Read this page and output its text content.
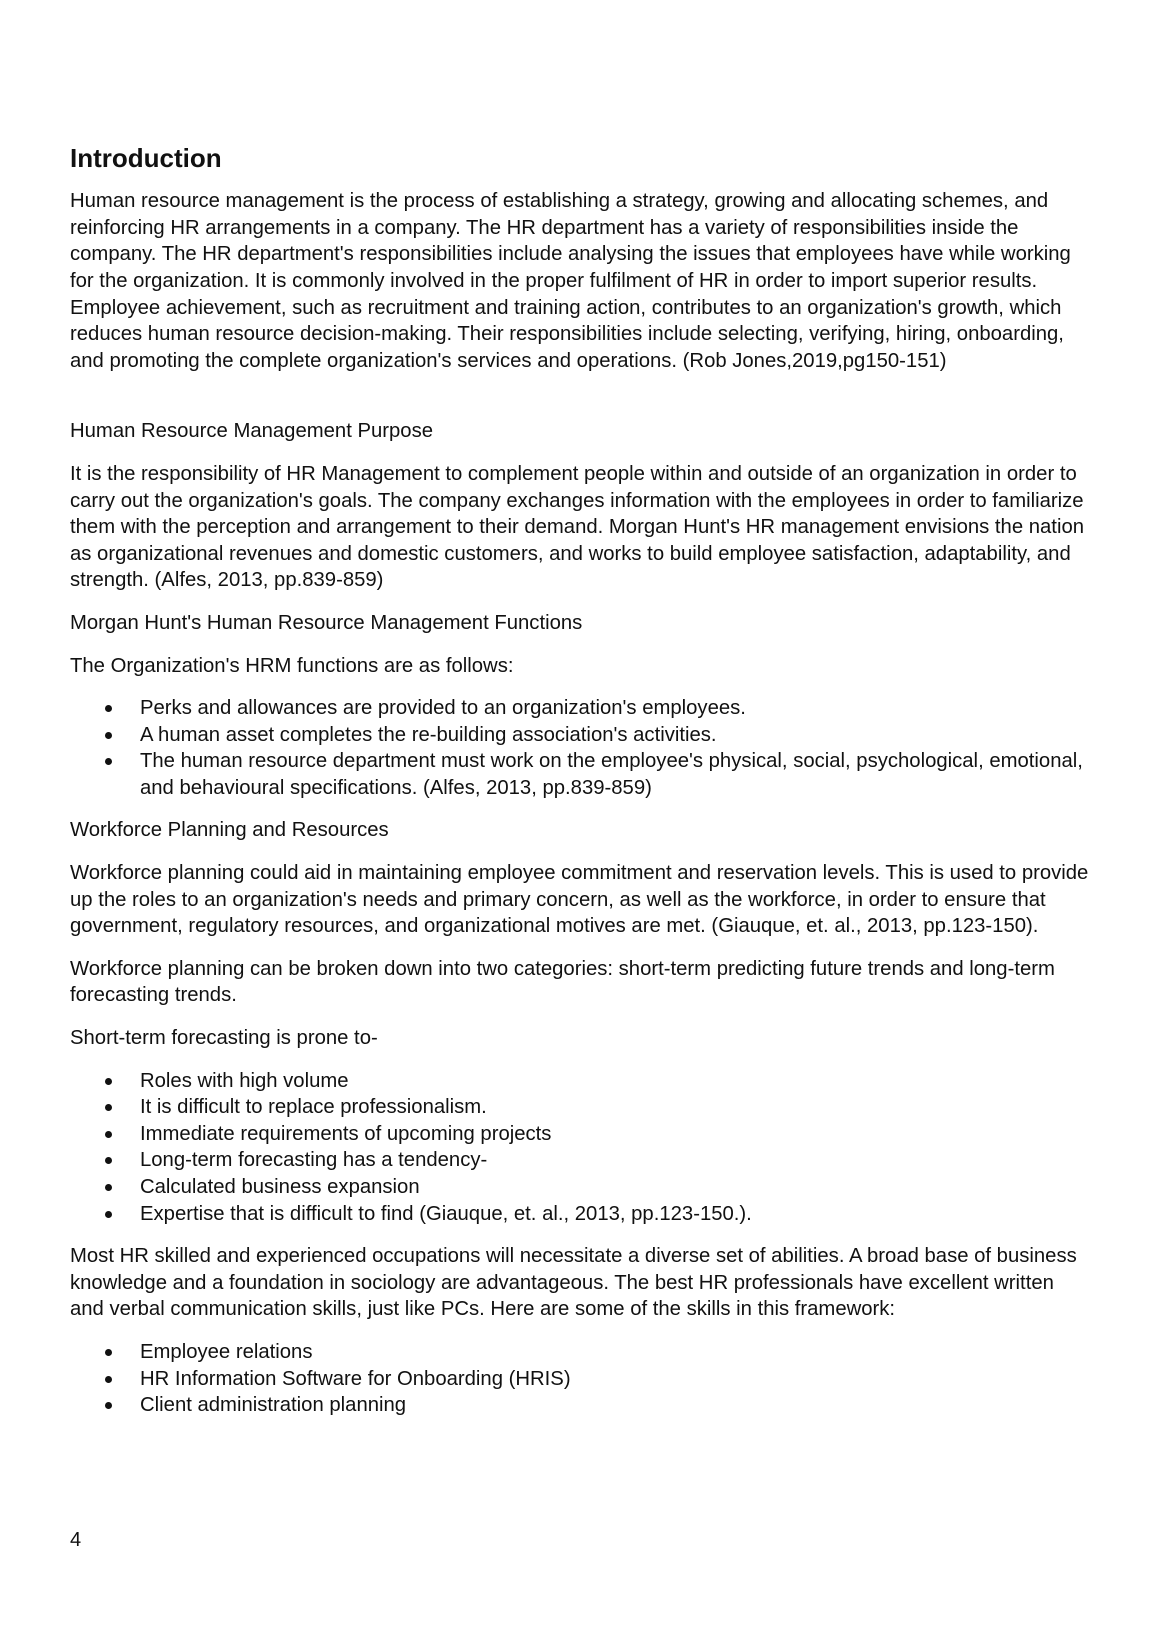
Introduction

Human resource management is the process of establishing a strategy, growing and allocating schemes, and reinforcing HR arrangements in a company. The HR department has a variety of responsibilities inside the company. The HR department's responsibilities include analysing the issues that employees have while working for the organization. It is commonly involved in the proper fulfilment of HR in order to import superior results. Employee achievement, such as recruitment and training action, contributes to an organization's growth, which reduces human resource decision-making. Their responsibilities include selecting, verifying, hiring, onboarding, and promoting the complete organization's services and operations. (Rob Jones,2019,pg150-151)

Human Resource Management Purpose

It is the responsibility of HR Management to complement people within and outside of an organization in order to carry out the organization's goals. The company exchanges information with the employees in order to familiarize them with the perception and arrangement to their demand. Morgan Hunt's HR management envisions the nation as organizational revenues and domestic customers, and works to build employee satisfaction, adaptability, and strength. (Alfes, 2013, pp.839-859)

Morgan Hunt's Human Resource Management Functions

The Organization's HRM functions are as follows:

Perks and allowances are provided to an organization's employees.
A human asset completes the re-building association's activities.
The human resource department must work on the employee's physical, social, psychological, emotional, and behavioural specifications. (Alfes, 2013, pp.839-859)

Workforce Planning and Resources

Workforce planning could aid in maintaining employee commitment and reservation levels. This is used to provide up the roles to an organization's needs and primary concern, as well as the workforce, in order to ensure that government, regulatory resources, and organizational motives are met. (Giauque, et. al., 2013, pp.123-150).

Workforce planning can be broken down into two categories: short-term predicting future trends and long-term forecasting trends.

Short-term forecasting is prone to-

Roles with high volume
It is difficult to replace professionalism.
Immediate requirements of upcoming projects
Long-term forecasting has a tendency-
Calculated business expansion
Expertise that is difficult to find (Giauque, et. al., 2013, pp.123-150.).

Most HR skilled and experienced occupations will necessitate a diverse set of abilities. A broad base of business knowledge and a foundation in sociology are advantageous. The best HR professionals have excellent written and verbal communication skills, just like PCs. Here are some of the skills in this framework:

Employee relations
HR Information Software for Onboarding (HRIS)
Client administration planning
4
